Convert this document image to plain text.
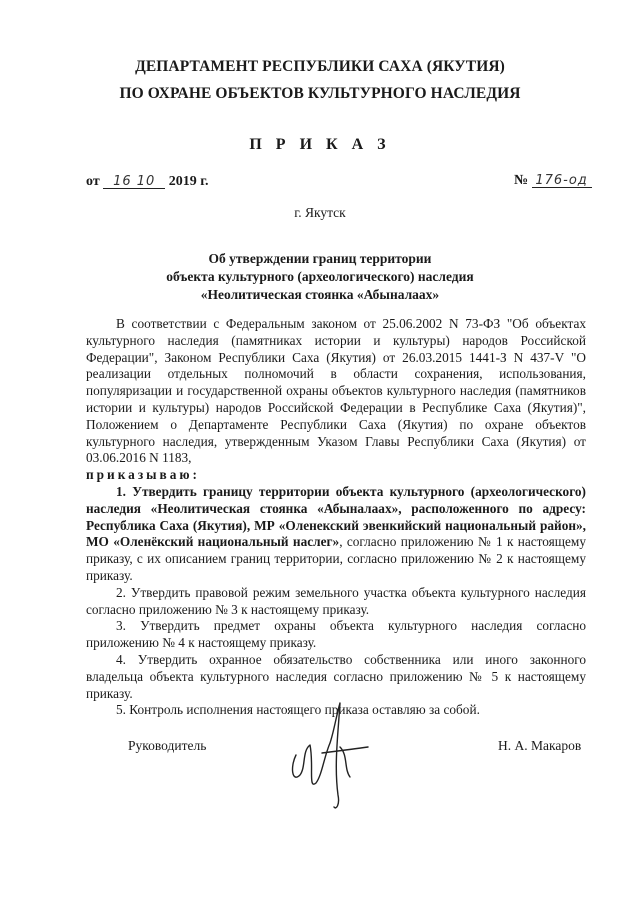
ДЕПАРТАМЕНТ РЕСПУБЛИКИ САХА (ЯКУТИЯ)
ПО ОХРАНЕ ОБЪЕКТОВ КУЛЬТУРНОГО НАСЛЕДИЯ
П Р И К А З
от 16 10 2019 г.	№ 176-од
г. Якутск
Об утверждении границ территории
объекта культурного (археологического) наследия
«Неолитическая стоянка «Абыналаах»

В соответствии с Федеральным законом от 25.06.2002 N 73-ФЗ "Об объектах культурного наследия (памятниках истории и культуры) народов Российской Федерации", Законом Республики Саха (Якутия) от 26.03.2015 1441-З N 437-V "О реализации отдельных полномочий в области сохранения, использования, популяризации и государственной охраны объектов культурного наследия (памятников истории и культуры) народов Российской Федерации в Республике Саха (Якутия)", Положением о Департаменте Республики Саха (Якутия) по охране объектов культурного наследия, утвержденным Указом Главы Республики Саха (Якутия) от 03.06.2016 N 1183,

приказываю:

1. Утвердить границу территории объекта культурного (археологического) наследия «Неолитическая стоянка «Абыналаах», расположенного по адресу: Республика Саха (Якутия), МР «Оленекский эвенкийский национальный район», МО «Оленёкский национальный наслег», согласно приложению № 1 к настоящему приказу, с их описанием границ территории, согласно приложению № 2 к настоящему приказу.

2. Утвердить правовой режим земельного участка объекта культурного наследия согласно приложению № 3 к настоящему приказу.

3. Утвердить предмет охраны объекта культурного наследия согласно приложению № 4 к настоящему приказу.

4. Утвердить охранное обязательство собственника или иного законного владельца объекта культурного наследия согласно приложению № 5 к настоящему приказу.

5. Контроль исполнения настоящего приказа оставляю за собой.

Руководитель	Н. А. Макаров
